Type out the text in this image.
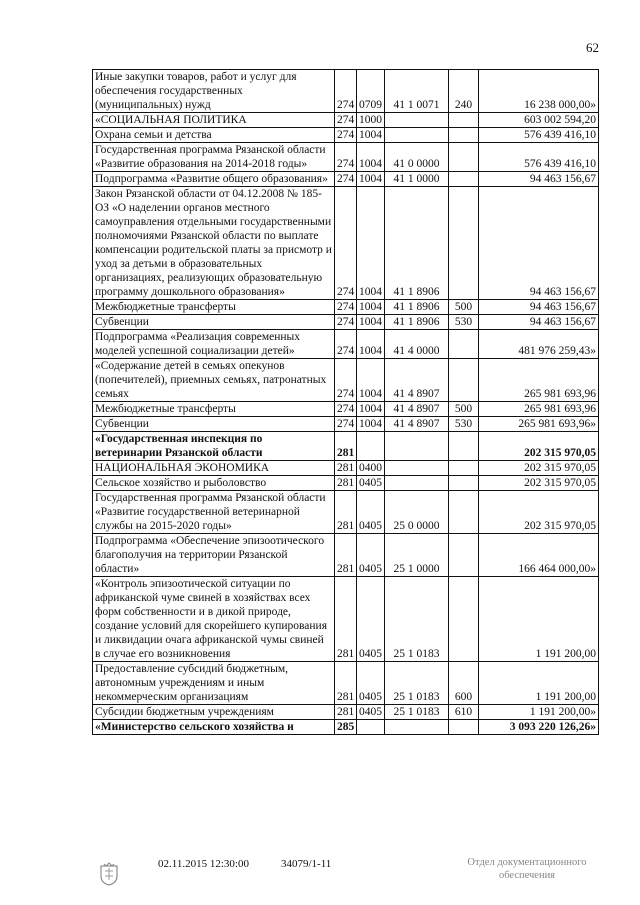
62
Иные закупки товаров, работ и услуг для обеспечения государственных (муниципальных) нужд	274	0709	41 1 0071	240	16 238 000,00»
«СОЦИАЛЬНАЯ ПОЛИТИКА	274	1000			603 002 594,20
Охрана семьи и детства	274	1004			576 439 416,10
Государственная программа Рязанской области «Развитие образования на 2014-2018 годы»	274	1004	41 0 0000		576 439 416,10
Подпрограмма «Развитие общего образования»	274	1004	41 1 0000		94 463 156,67
Закон Рязанской области от 04.12.2008 № 185-ОЗ «О наделении органов местного самоуправления отдельными государственными полномочиями Рязанской области по выплате компенсации родительской платы за присмотр и уход за детьми в образовательных организациях, реализующих образовательную программу дошкольного образования»	274	1004	41 1 8906		94 463 156,67
Межбюджетные трансферты	274	1004	41 1 8906	500	94 463 156,67
Субвенции	274	1004	41 1 8906	530	94 463 156,67
Подпрограмма «Реализация современных моделей успешной социализации детей»	274	1004	41 4 0000		481 976 259,43»
«Содержание детей в семьях опекунов (попечителей), приемных семьях, патронатных семьях	274	1004	41 4 8907		265 981 693,96
Межбюджетные трансферты	274	1004	41 4 8907	500	265 981 693,96
Субвенции	274	1004	41 4 8907	530	265 981 693,96»
«Государственная инспекция по ветеринарии Рязанской области	281				202 315 970,05
НАЦИОНАЛЬНАЯ ЭКОНОМИКА	281	0400			202 315 970,05
Сельское хозяйство и рыболовство	281	0405			202 315 970,05
Государственная программа Рязанской области «Развитие государственной ветеринарной службы на 2015-2020 годы»	281	0405	25 0 0000		202 315 970,05
Подпрограмма «Обеспечение эпизоотического благополучия на территории Рязанской области»	281	0405	25 1 0000		166 464 000,00»
«Контроль эпизоотической ситуации по африканской чуме свиней в хозяйствах всех форм собственности и в дикой природе, создание условий для скорейшего купирования и ликвидации очага африканской чумы свиней в случае его возникновения	281	0405	25 1 0183		1 191 200,00
Предоставление субсидий бюджетным, автономным учреждениям и иным некоммерческим организациям	281	0405	25 1 0183	600	1 191 200,00
Субсидии бюджетным учреждениям	281	0405	25 1 0183	610	1 191 200,00»
«Министерство сельского хозяйства и	285				3 093 220 126,26»
02.11.2015 12:30:00	34079/1-11	Отдел документационного обеспечения
